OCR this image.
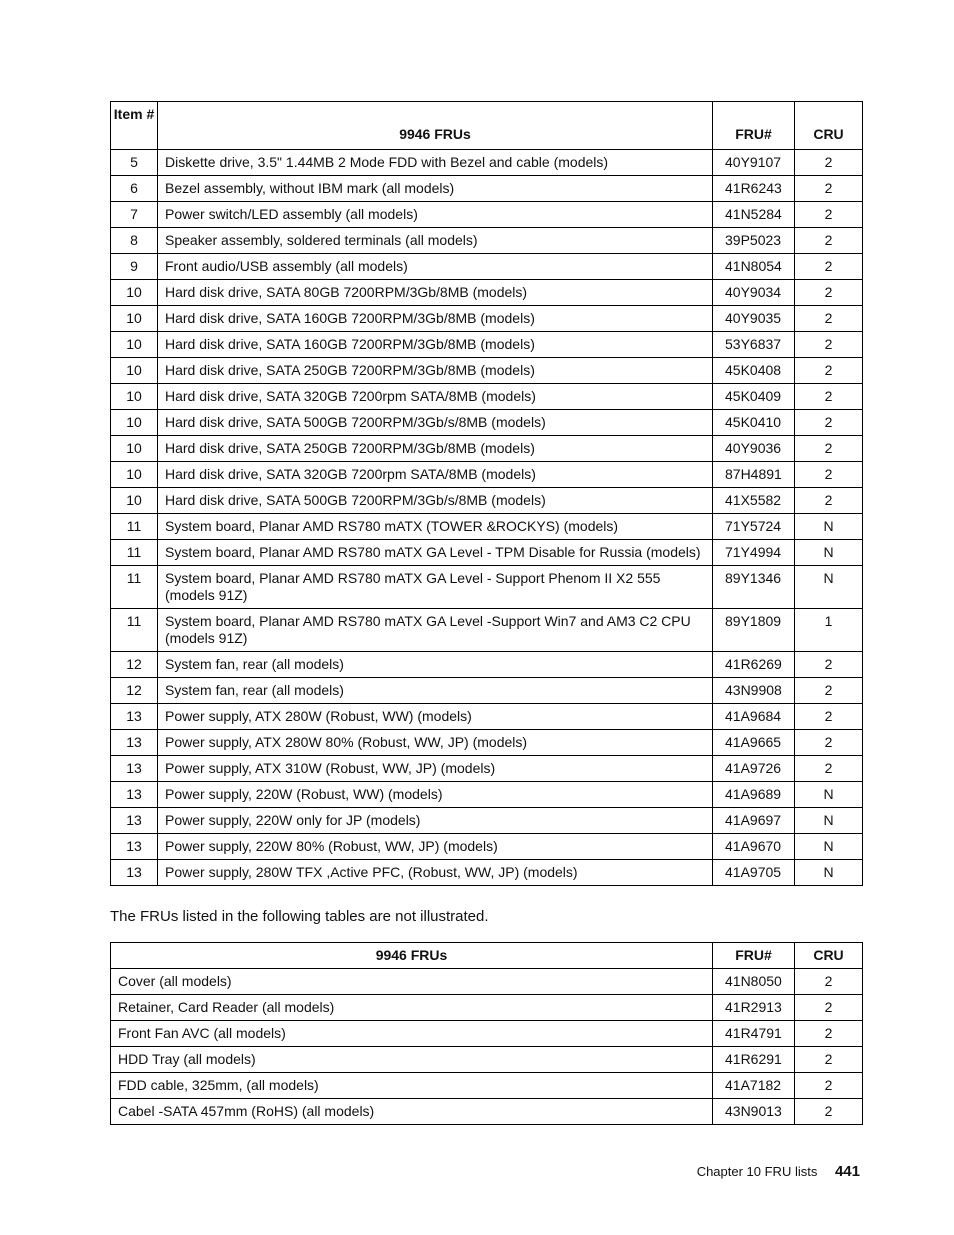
Item #	9946 FRUs	FRU#	CRU
5	Diskette drive, 3.5" 1.44MB 2 Mode FDD with Bezel and cable (models)	40Y9107	2
6	Bezel assembly, without IBM mark (all models)	41R6243	2
7	Power switch/LED assembly (all models)	41N5284	2
8	Speaker assembly, soldered terminals (all models)	39P5023	2
9	Front audio/USB assembly (all models)	41N8054	2
10	Hard disk drive, SATA 80GB 7200RPM/3Gb/8MB (models)	40Y9034	2
10	Hard disk drive, SATA 160GB 7200RPM/3Gb/8MB (models)	40Y9035	2
10	Hard disk drive, SATA 160GB 7200RPM/3Gb/8MB (models)	53Y6837	2
10	Hard disk drive, SATA 250GB 7200RPM/3Gb/8MB (models)	45K0408	2
10	Hard disk drive, SATA 320GB 7200rpm SATA/8MB (models)	45K0409	2
10	Hard disk drive, SATA 500GB 7200RPM/3Gb/s/8MB (models)	45K0410	2
10	Hard disk drive, SATA 250GB 7200RPM/3Gb/8MB (models)	40Y9036	2
10	Hard disk drive, SATA 320GB 7200rpm SATA/8MB (models)	87H4891	2
10	Hard disk drive, SATA 500GB 7200RPM/3Gb/s/8MB (models)	41X5582	2
11	System board, Planar AMD RS780 mATX (TOWER &ROCKYS) (models)	71Y5724	N
11	System board, Planar AMD RS780 mATX GA Level - TPM Disable for Russia (models)	71Y4994	N
11	System board, Planar AMD RS780 mATX GA Level - Support Phenom II X2 555 (models 91Z)	89Y1346	N
11	System board, Planar AMD RS780 mATX GA Level -Support Win7 and AM3 C2 CPU (models 91Z)	89Y1809	1
12	System fan, rear (all models)	41R6269	2
12	System fan, rear (all models)	43N9908	2
13	Power supply, ATX 280W (Robust, WW) (models)	41A9684	2
13	Power supply, ATX 280W 80% (Robust, WW, JP) (models)	41A9665	2
13	Power supply, ATX 310W (Robust, WW, JP) (models)	41A9726	2
13	Power supply, 220W (Robust, WW) (models)	41A9689	N
13	Power supply, 220W only for JP (models)	41A9697	N
13	Power supply, 220W 80% (Robust, WW, JP) (models)	41A9670	N
13	Power supply, 280W TFX ,Active PFC, (Robust, WW, JP) (models)	41A9705	N
The FRUs listed in the following tables are not illustrated.
9946 FRUs	FRU#	CRU
Cover (all models)	41N8050	2
Retainer, Card Reader (all models)	41R2913	2
Front Fan AVC (all models)	41R4791	2
HDD Tray (all models)	41R6291	2
FDD cable, 325mm, (all models)	41A7182	2
Cabel -SATA 457mm (RoHS) (all models)	43N9013	2
Chapter 10 FRU lists 441
